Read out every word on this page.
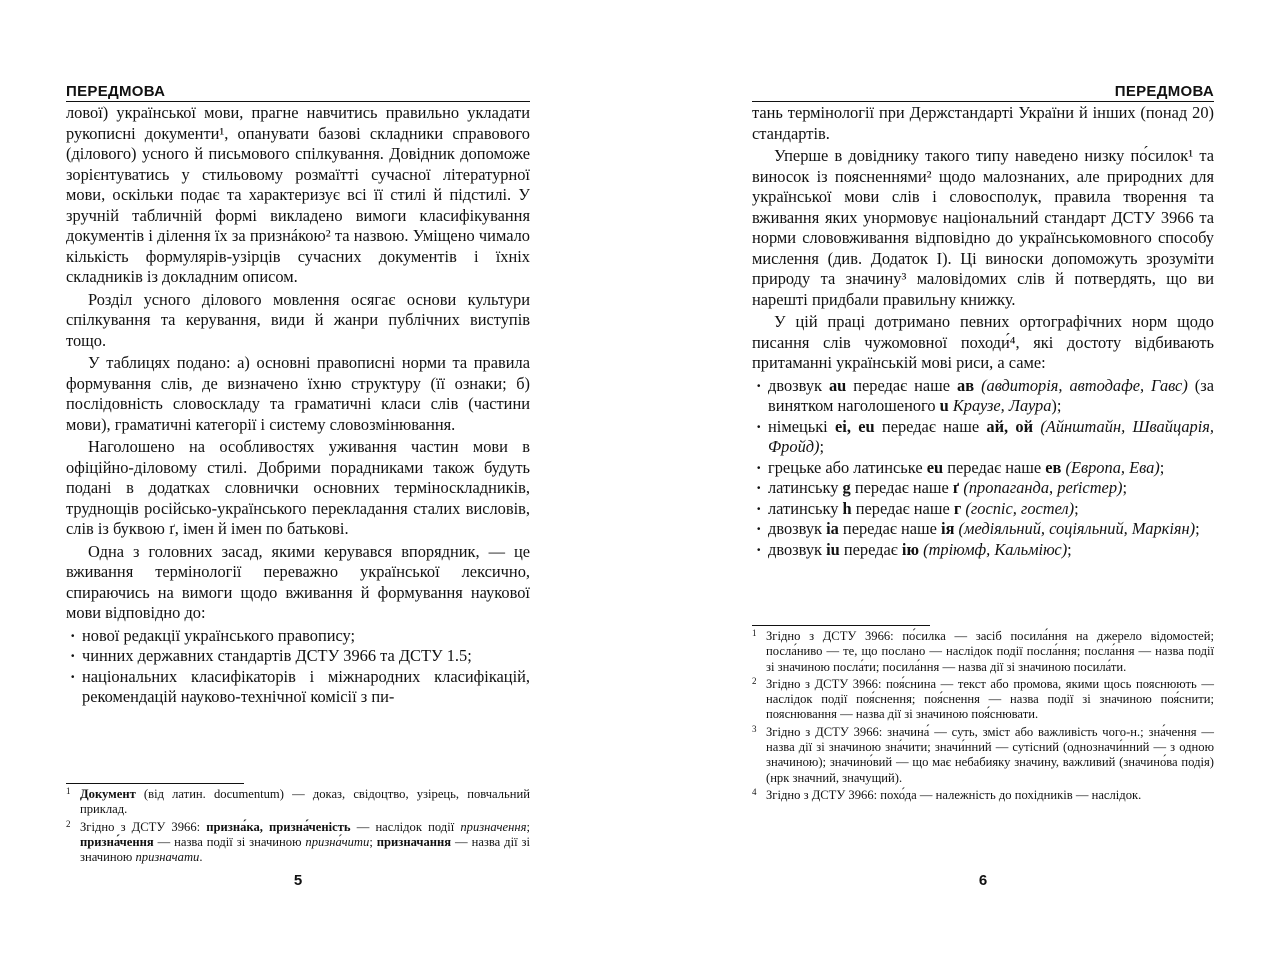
ПЕРЕДМОВА

лової) української мови, прагне навчитись правильно укладати рукописні документи¹, опанувати базові складники справового (ділового) усного й письмового спілкування. Довідник допоможе зорієнтуватись у стильовому розмаїтті сучасної літературної мови, оскільки подає та характеризує всі її стилі й підстилі. У зручній табличній формі викладено вимоги класифікування документів і ділення їх за признáкою² та назвою. Уміщено чимало кількість формулярів-узірців сучасних документів і їхніх складників із докладним описом.

Розділ усного ділового мовлення осягає основи культури спілкування та керування, види й жанри публічних виступів тощо.

У таблицях подано: а) основні правописні норми та правила формування слів, де визначено їхню структуру (її ознаки; б) послідовність словоскладу та граматичні класи слів (частини мови), граматичні категорії і систему словозмінювання.

Наголошено на особливостях уживання частин мови в офіційно-діловому стилі. Добрими порадниками також будуть подані в додатках словнички основних терміноскладників, труднощів російсько-українського перекладання сталих висловів, слів із буквою ґ, імен й імен по батькові.

Одна з головних засад, якими керувався впорядник, — це вживання термінології переважно української лексично, спираючись на вимоги щодо вживання й формування наукової мови відповідно до:

· нової редакції українського правопису;
· чинних державних стандартів ДСТУ 3966 та ДСТУ 1.5;
· національних класифікаторів і міжнародних класифікацій, рекомендацій науково-технічної комісії з пи-
1 Документ (від латин. documentum) — доказ, свідоцтво, узірець, повчальний приклад.
2 Згідно з ДСТУ 3966: призна́ка, призна́ченість — наслідок події призначення; призна́чення — назва події зі значиною призна́чити; призначання — назва дії зі значиною призначати.
5
ПЕРЕДМОВА

тань термінології при Держстандарті України й інших (понад 20) стандартів.

Уперше в довіднику такого типу наведено низку по́силок¹ та виносок із поясненнями² щодо малознаних, але природних для української мови слів і словосполук, правила творення та вживання яких унормовує національний стандарт ДСТУ 3966 та норми слововживання відповідно до українськомовного способу мислення (див. Додаток І). Ці виноски допоможуть зрозуміти природу та значину³ маловідомих слів й потвердять, що ви нарешті придбали правильну книжку.

У цій праці дотримано певних ортографічних норм щодо писання слів чужомовної походи́⁴, які достоту відбивають притаманні українській мові риси, а саме:

· двозвук au передає наше ав (авдиторія, автодафе, Гавс) (за винятком наголошеного u Краузе, Лаура);
· німецькі ei, eu передає наше ай, ой (Айнштайн, Швайцарія, Фройд);
· грецьке або латинське eu передає наше ев (Европа, Ева);
· латинську g передає наше ґ (пропаганда, реґістер);
· латинську h передає наше г (госпіс, гостел);
· двозвук ia передає наше ія (медіяльний, соціяльний, Маркіян);
· двозвук iu передає ію (тріюмф, Кальміюс);
1 Згідно з ДСТУ 3966: по́силка — засіб посила́ння на джерело відомостей; посла́ниво — те, що послано — наслідок події посла́ння; посла́ння — назва події зі значиною посла́ти; посила́ння — назва дії зі значиною посила́ти.
2 Згідно з ДСТУ 3966: поя́снина — текст або промова, якими щось пояснюють — наслідок події поя́снення; поя́снення — назва події зі значиною поя́снити; пояснювання — назва дії зі значиною поя́снювати.
3 Згідно з ДСТУ 3966: значина́ — суть, зміст або важливість чого-н.; зна́чення — назва дії зі значиною зна́чити; значи́нний — сутісний (однозначи́нний — з одною значиною); значино́вий — що має небабияку значину, важливий (значино́ва подія) (нрк значний, значущий).
4 Згідно з ДСТУ 3966: похо́да — належність до похідників — наслідок.
6
